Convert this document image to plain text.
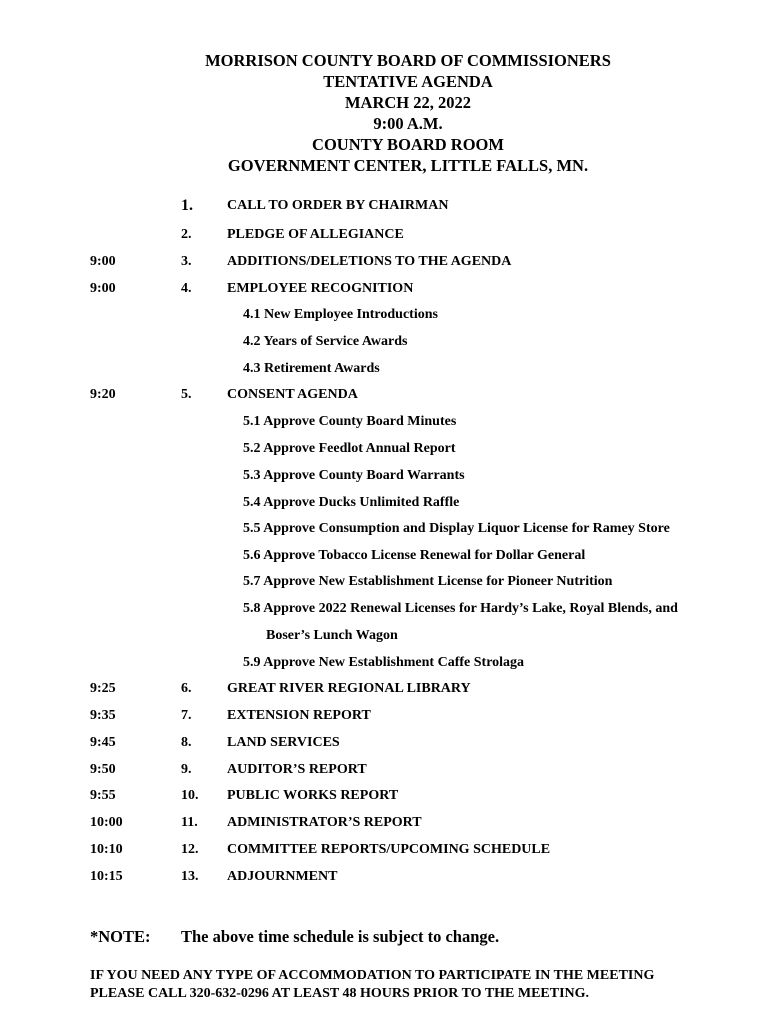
MORRISON COUNTY BOARD OF COMMISSIONERS
TENTATIVE AGENDA
MARCH 22, 2022
9:00 A.M.
COUNTY BOARD ROOM
GOVERNMENT CENTER, LITTLE FALLS, MN.
1. CALL TO ORDER BY CHAIRMAN
2.	PLEDGE OF ALLEGIANCE
9:00	3.	ADDITIONS/DELETIONS TO THE AGENDA
9:00	4.	EMPLOYEE RECOGNITION
4.1 New Employee Introductions
4.2 Years of Service Awards
4.3 Retirement Awards
9:20	5.	CONSENT AGENDA
5.1 Approve County Board Minutes
5.2 Approve Feedlot Annual Report
5.3 Approve County Board Warrants
5.4 Approve Ducks Unlimited Raffle
5.5 Approve Consumption and Display Liquor License for Ramey Store
5.6 Approve Tobacco License Renewal for Dollar General
5.7 Approve New Establishment License for Pioneer Nutrition
5.8 Approve 2022 Renewal Licenses for Hardy’s Lake, Royal Blends, and
Boser’s Lunch Wagon
5.9 Approve New Establishment Caffe Strolaga
9:25	6.	GREAT RIVER REGIONAL LIBRARY
9:35	7.	EXTENSION REPORT
9:45	8.	LAND SERVICES
9:50	9.	AUDITOR’S REPORT
9:55	10. PUBLIC WORKS REPORT
10:00	11. ADMINISTRATOR’S REPORT
10:10	12. COMMITTEE REPORTS/UPCOMING SCHEDULE
10:15	13. ADJOURNMENT
*NOTE: The above time schedule is subject to change.
IF YOU NEED ANY TYPE OF ACCOMMODATION TO PARTICIPATE IN THE MEETING
PLEASE CALL 320-632-0296 AT LEAST 48 HOURS PRIOR TO THE MEETING.
